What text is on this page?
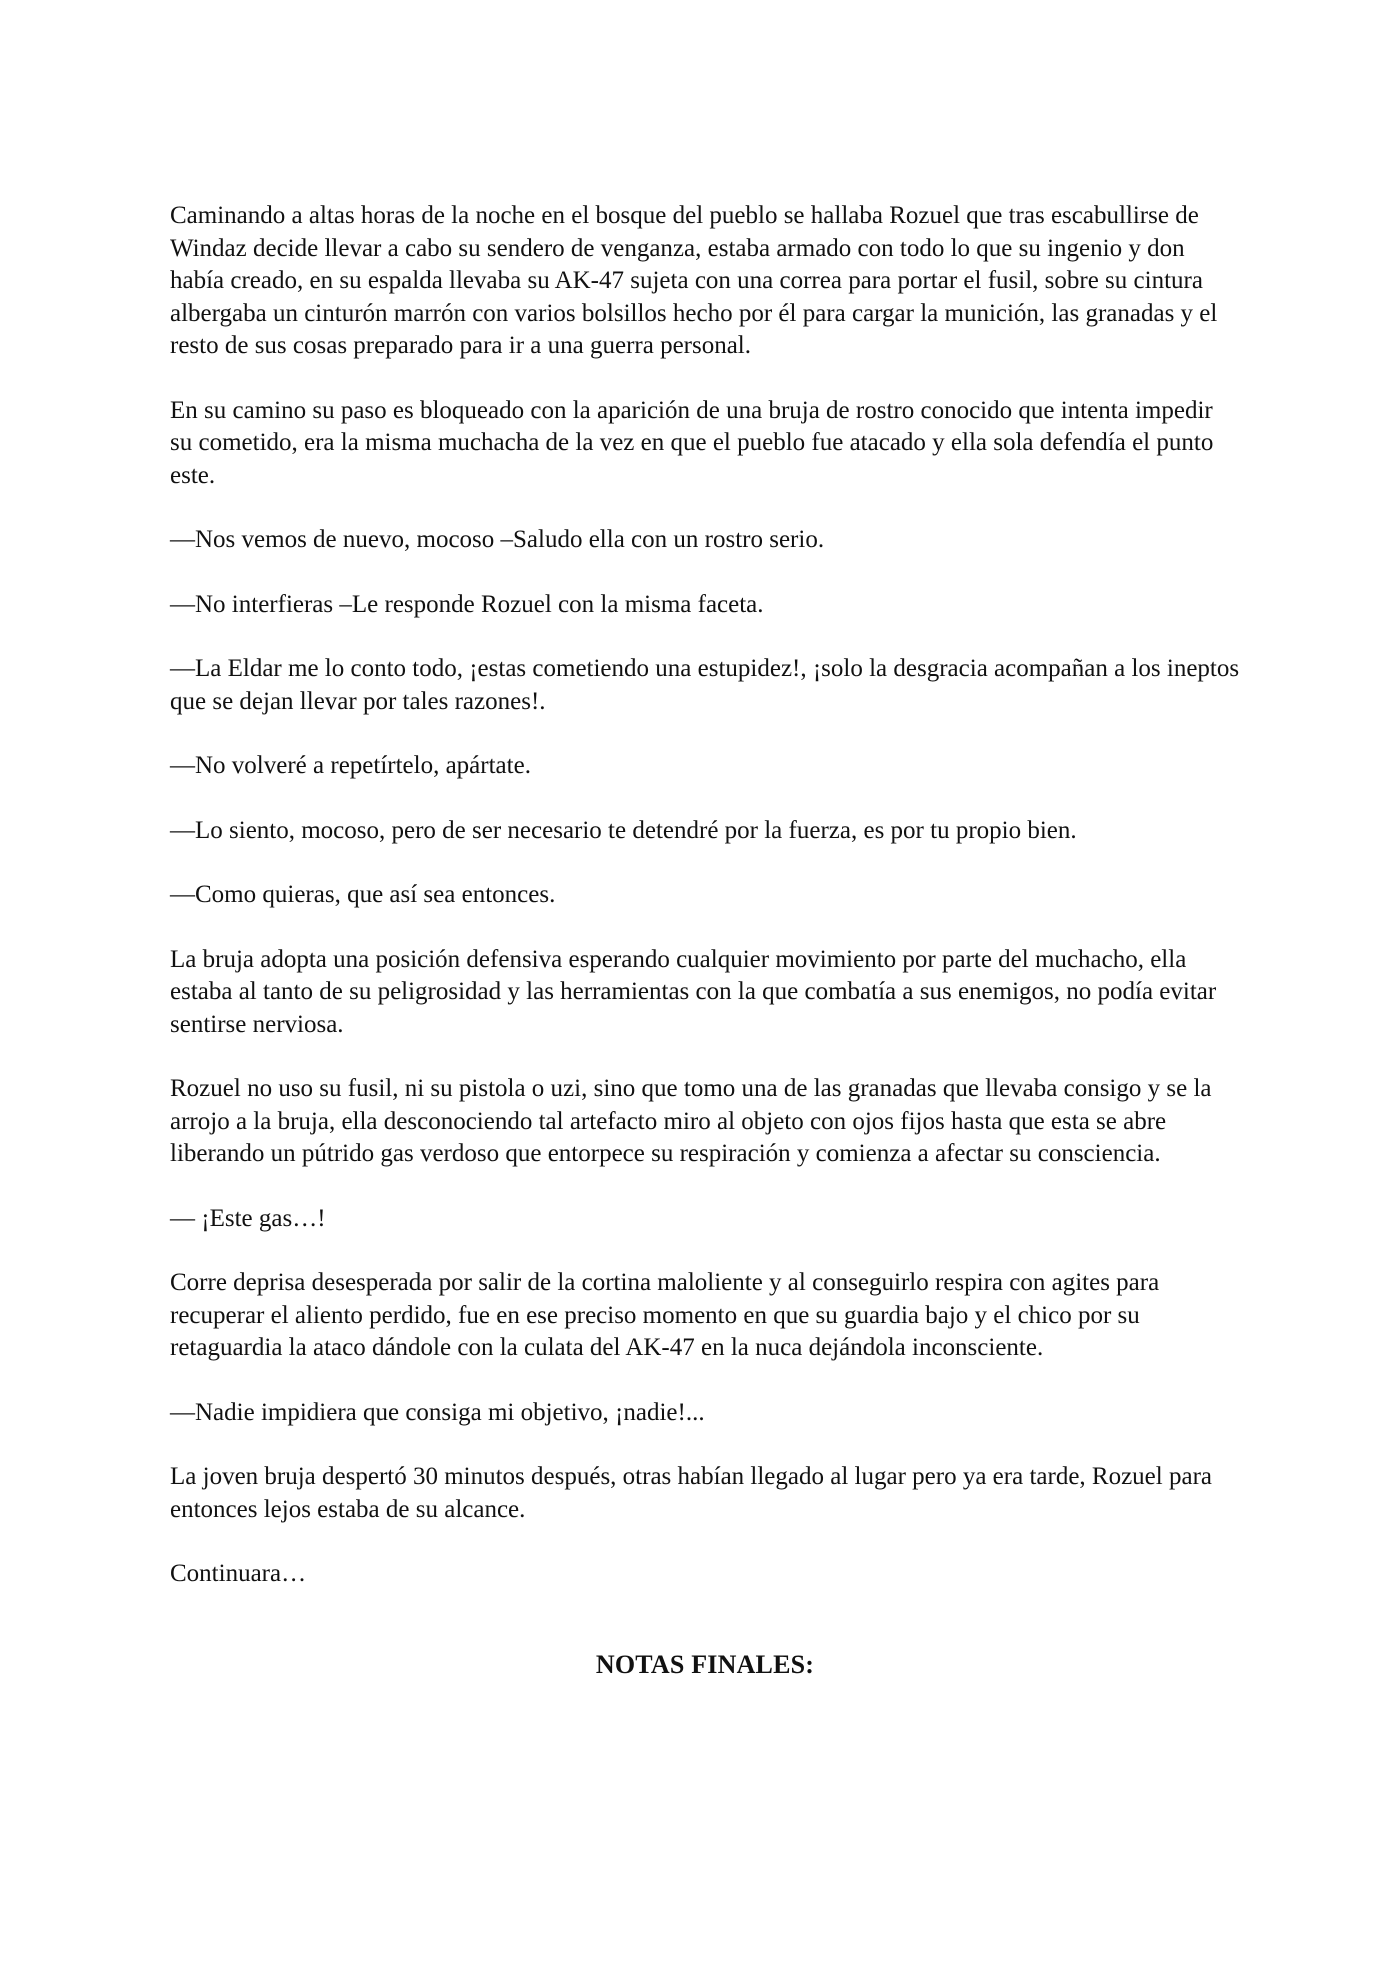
Caminando a altas horas de la noche en el bosque del pueblo se hallaba Rozuel que tras escabullirse de Windaz decide llevar a cabo su sendero de venganza, estaba armado con todo lo que su ingenio y don había creado, en su espalda llevaba su AK-47 sujeta con una correa para portar el fusil, sobre su cintura albergaba un cinturón marrón con varios bolsillos hecho por él para cargar la munición, las granadas y el resto de sus cosas preparado para ir a una guerra personal.

En su camino su paso es bloqueado con la aparición de una bruja de rostro conocido que intenta impedir su cometido, era la misma muchacha de la vez en que el pueblo fue atacado y ella sola defendía el punto este.

—Nos vemos de nuevo, mocoso –Saludo ella con un rostro serio.

—No interfieras –Le responde Rozuel con la misma faceta.

—La Eldar me lo conto todo, ¡estas cometiendo una estupidez!, ¡solo la desgracia acompañan a los ineptos que se dejan llevar por tales razones!.

—No volveré a repetírtelo, apártate.

—Lo siento, mocoso, pero de ser necesario te detendré por la fuerza, es por tu propio bien.

—Como quieras, que así sea entonces.

La bruja adopta una posición defensiva esperando cualquier movimiento por parte del muchacho, ella estaba al tanto de su peligrosidad y las herramientas con la que combatía a sus enemigos, no podía evitar sentirse nerviosa.

Rozuel no uso su fusil, ni su pistola o uzi, sino que tomo una de las granadas que llevaba consigo y se la arrojo a la bruja, ella desconociendo tal artefacto miro al objeto con ojos fijos hasta que esta se abre liberando un pútrido gas verdoso que entorpece su respiración y comienza a afectar su consciencia.

— ¡Este gas…!

Corre deprisa desesperada por salir de la cortina maloliente y al conseguirlo respira con agites para recuperar el aliento perdido, fue en ese preciso momento en que su guardia bajo y el chico por su retaguardia la ataco dándole con la culata del AK-47 en la nuca dejándola inconsciente.

—Nadie impidiera que consiga mi objetivo, ¡nadie!...

La joven bruja despertó 30 minutos después, otras habían llegado al lugar pero ya era tarde, Rozuel para entonces lejos estaba de su alcance.

Continuara…

NOTAS FINALES:
